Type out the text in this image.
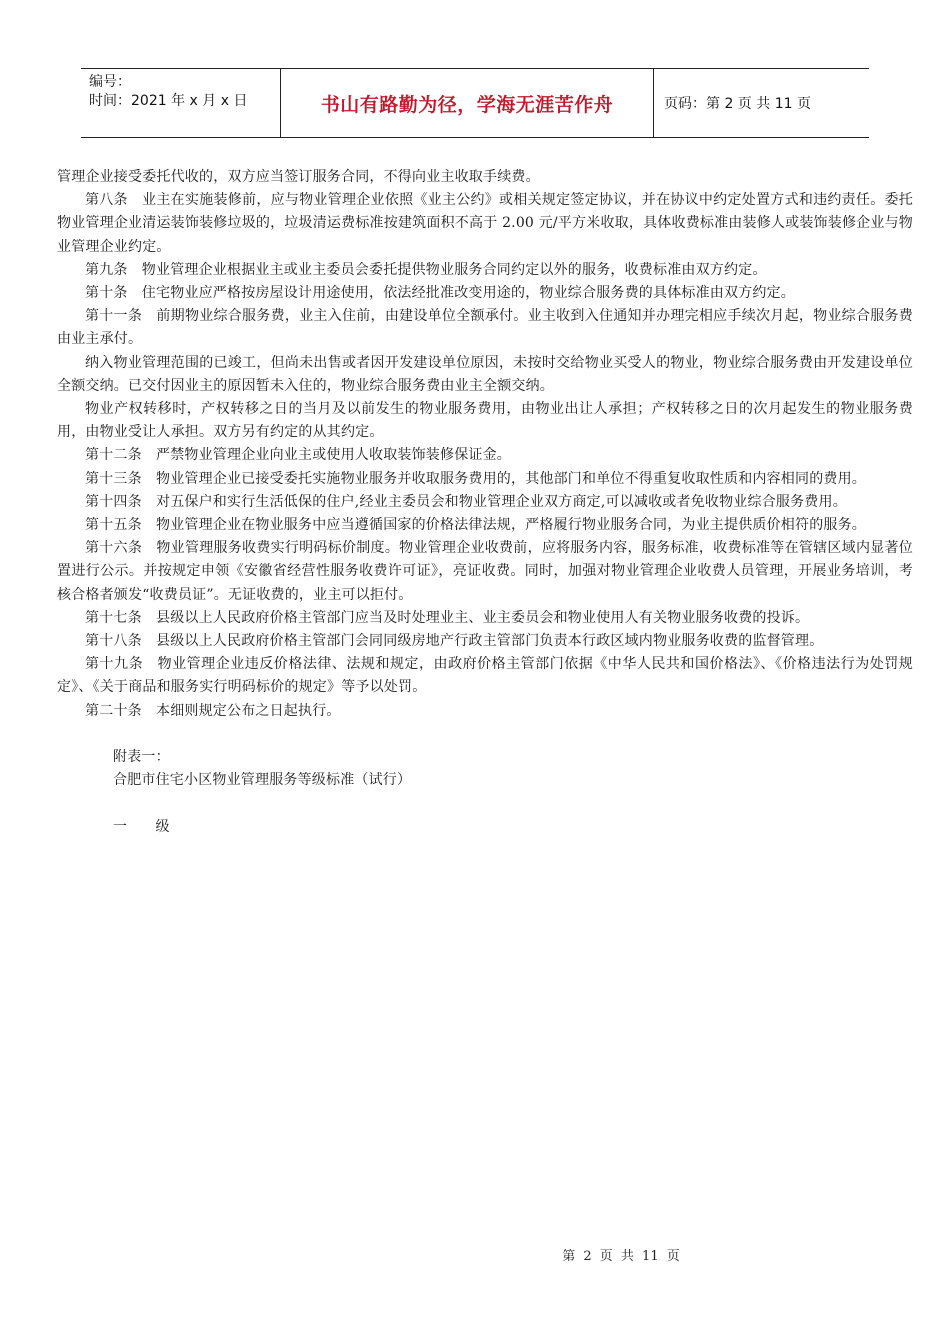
编号：
时间：2021 年 x 月 x 日	书山有路勤为径，学海无涯苦作舟	页码：第 2 页 共 11 页

管理企业接受委托代收的，双方应当签订服务合同，不得向业主收取手续费。

第八条　业主在实施装修前，应与物业管理企业依照《业主公约》或相关规定签定协议，并在协议中约定处置方式和违约责任。委托物业管理企业清运装饰装修垃圾的，垃圾清运费标准按建筑面积不高于 2.00 元/平方米收取，具体收费标准由装修人或装饰装修企业与物业管理企业约定。

第九条　物业管理企业根据业主或业主委员会委托提供物业服务合同约定以外的服务，收费标准由双方约定。

第十条　住宅物业应严格按房屋设计用途使用，依法经批准改变用途的，物业综合服务费的具体标准由双方约定。

第十一条　前期物业综合服务费，业主入住前，由建设单位全额承付。业主收到入住通知并办理完相应手续次月起，物业综合服务费由业主承付。

纳入物业管理范围的已竣工，但尚未出售或者因开发建设单位原因，未按时交给物业买受人的物业，物业综合服务费由开发建设单位全额交纳。已交付因业主的原因暂未入住的，物业综合服务费由业主全额交纳。

物业产权转移时，产权转移之日的当月及以前发生的物业服务费用，由物业出让人承担；产权转移之日的次月起发生的物业服务费用，由物业受让人承担。双方另有约定的从其约定。

第十二条　严禁物业管理企业向业主或使用人收取装饰装修保证金。

第十三条　物业管理企业已接受委托实施物业服务并收取服务费用的，其他部门和单位不得重复收取性质和内容相同的费用。

第十四条　对五保户和实行生活低保的住户,经业主委员会和物业管理企业双方商定,可以减收或者免收物业综合服务费用。

第十五条　物业管理企业在物业服务中应当遵循国家的价格法律法规，严格履行物业服务合同，为业主提供质价相符的服务。

第十六条　物业管理服务收费实行明码标价制度。物业管理企业收费前，应将服务内容，服务标准，收费标准等在管辖区域内显著位置进行公示。并按规定申领《安徽省经营性服务收费许可证》，亮证收费。同时，加强对物业管理企业收费人员管理，开展业务培训，考核合格者颁发“收费员证”。无证收费的，业主可以拒付。

第十七条　县级以上人民政府价格主管部门应当及时处理业主、业主委员会和物业使用人有关物业服务收费的投诉。

第十八条　县级以上人民政府价格主管部门会同同级房地产行政主管部门负责本行政区域内物业服务收费的监督管理。

第十九条　物业管理企业违反价格法律、法规和规定，由政府价格主管部门依据《中华人民共和国价格法》、《价格违法行为处罚规定》、《关于商品和服务实行明码标价的规定》等予以处罚。

第二十条　本细则规定公布之日起执行。

附表一：

合肥市住宅小区物业管理服务等级标准（试行）

一 级

第 2 页 共 11 页
